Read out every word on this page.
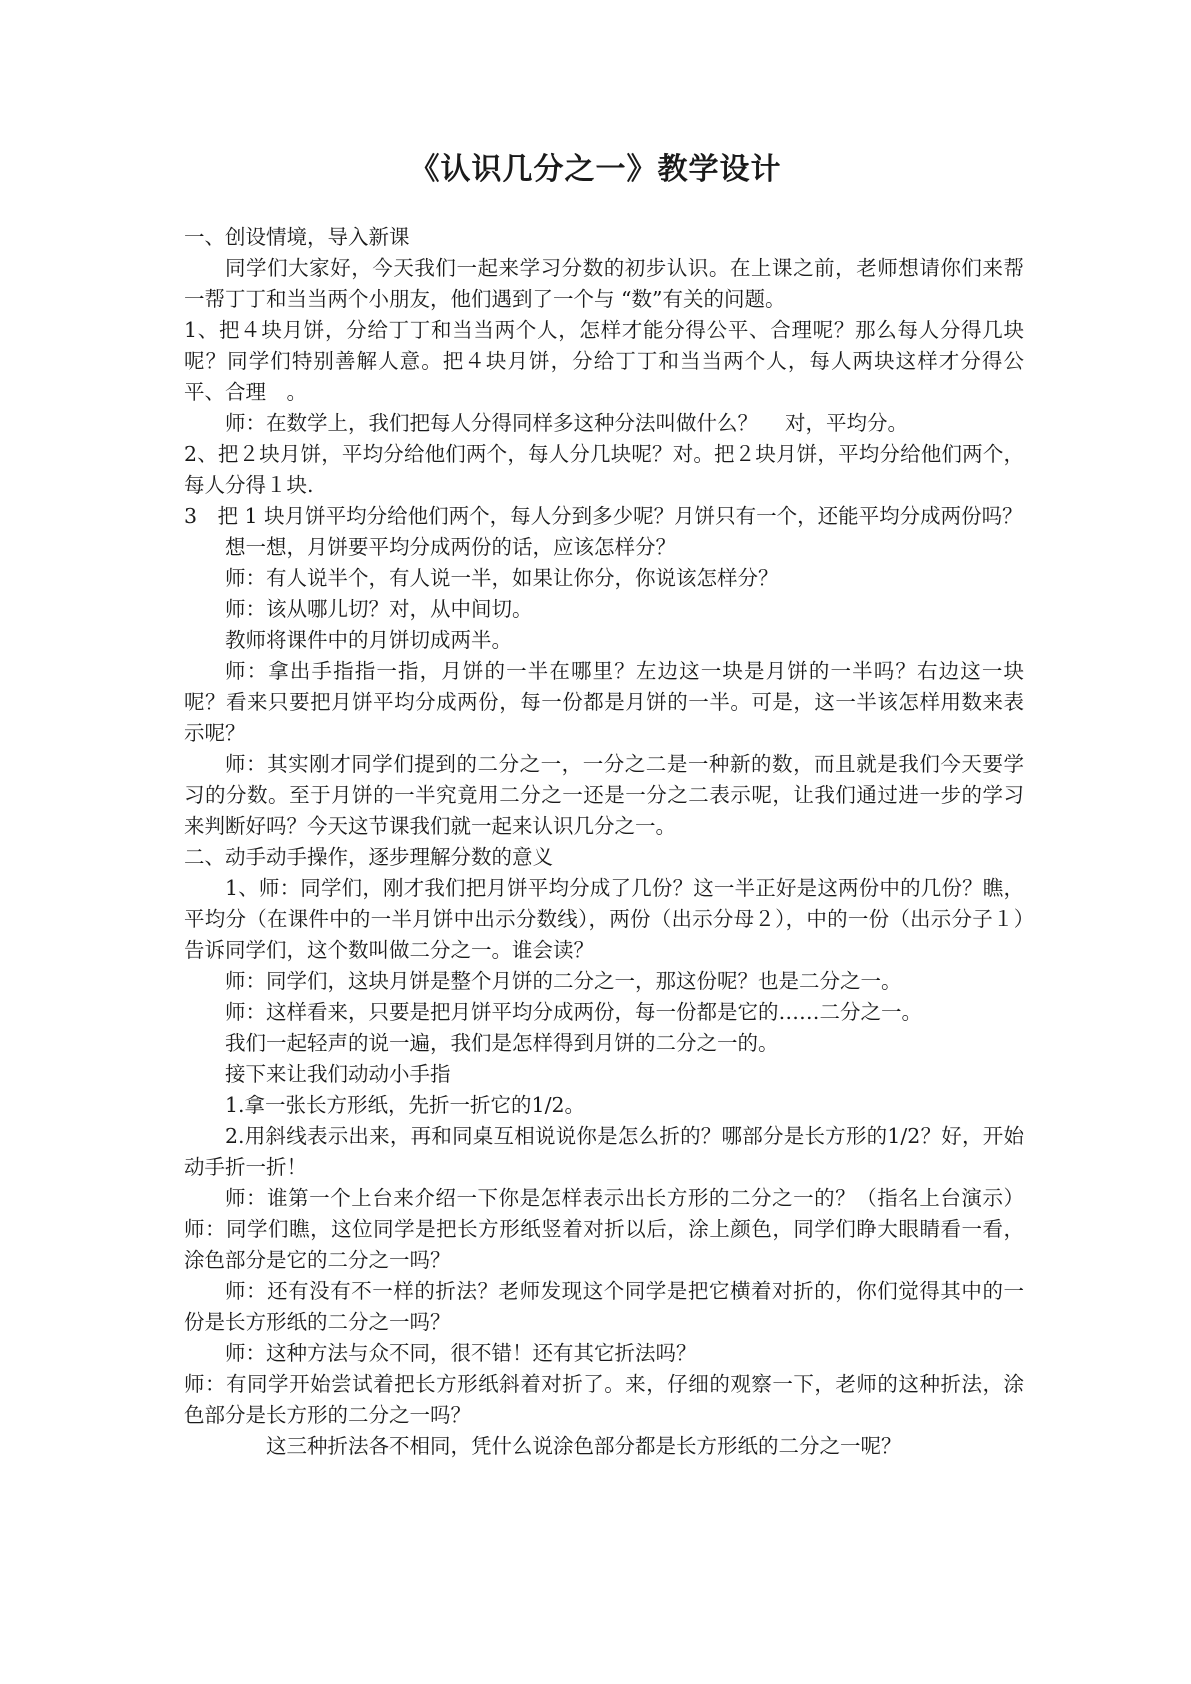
《认识几分之一》教学设计

一、创设情境，导入新课

同学们大家好，今天我们一起来学习分数的初步认识。在上课之前，老师想请你们来帮一帮丁丁和当当两个小朋友，他们遇到了一个与 “数”有关的问题。

1、把４块月饼，分给丁丁和当当两个人，怎样才能分得公平、合理呢？那么每人分得几块呢？同学们特别善解人意。把４块月饼，分给丁丁和当当两个人，每人两块这样才分得公平、合理　。

师：在数学上，我们把每人分得同样多这种分法叫做什么？　 对，平均分。

2、把２块月饼，平均分给他们两个，每人分几块呢？对。把２块月饼，平均分给他们两个，每人分得１块.

3　把 1 块月饼平均分给他们两个，每人分到多少呢？月饼只有一个，还能平均分成两份吗？

想一想，月饼要平均分成两份的话，应该怎样分？

师：有人说半个，有人说一半，如果让你分，你说该怎样分？

师：该从哪儿切？对，从中间切。

教师将课件中的月饼切成两半。

师：拿出手指指一指，月饼的一半在哪里？左边这一块是月饼的一半吗？右边这一块呢？看来只要把月饼平均分成两份，每一份都是月饼的一半。可是，这一半该怎样用数来表示呢？

师：其实刚才同学们提到的二分之一，一分之二是一种新的数，而且就是我们今天要学习的分数。至于月饼的一半究竟用二分之一还是一分之二表示呢，让我们通过进一步的学习来判断好吗？今天这节课我们就一起来认识几分之一。

二、动手动手操作，逐步理解分数的意义

1、师：同学们，刚才我们把月饼平均分成了几份？这一半正好是这两份中的几份？瞧，平均分（在课件中的一半月饼中出示分数线），两份（出示分母２），中的一份（出示分子１）告诉同学们，这个数叫做二分之一。谁会读？

师：同学们，这块月饼是整个月饼的二分之一，那这份呢？也是二分之一。

师：这样看来，只要是把月饼平均分成两份，每一份都是它的……二分之一。

我们一起轻声的说一遍，我们是怎样得到月饼的二分之一的。

接下来让我们动动小手指

1.拿一张长方形纸，先折一折它的1/2。

2.用斜线表示出来，再和同桌互相说说你是怎么折的？哪部分是长方形的1/2？好，开始动手折一折！

师：谁第一个上台来介绍一下你是怎样表示出长方形的二分之一的？（指名上台演示）师：同学们瞧，这位同学是把长方形纸竖着对折以后，涂上颜色，同学们睁大眼睛看一看，涂色部分是它的二分之一吗？

师：还有没有不一样的折法？老师发现这个同学是把它横着对折的，你们觉得其中的一份是长方形纸的二分之一吗？

师：这种方法与众不同，很不错！还有其它折法吗？

师：有同学开始尝试着把长方形纸斜着对折了。来，仔细的观察一下，老师的这种折法，涂色部分是长方形的二分之一吗？

这三种折法各不相同，凭什么说涂色部分都是长方形纸的二分之一呢？
